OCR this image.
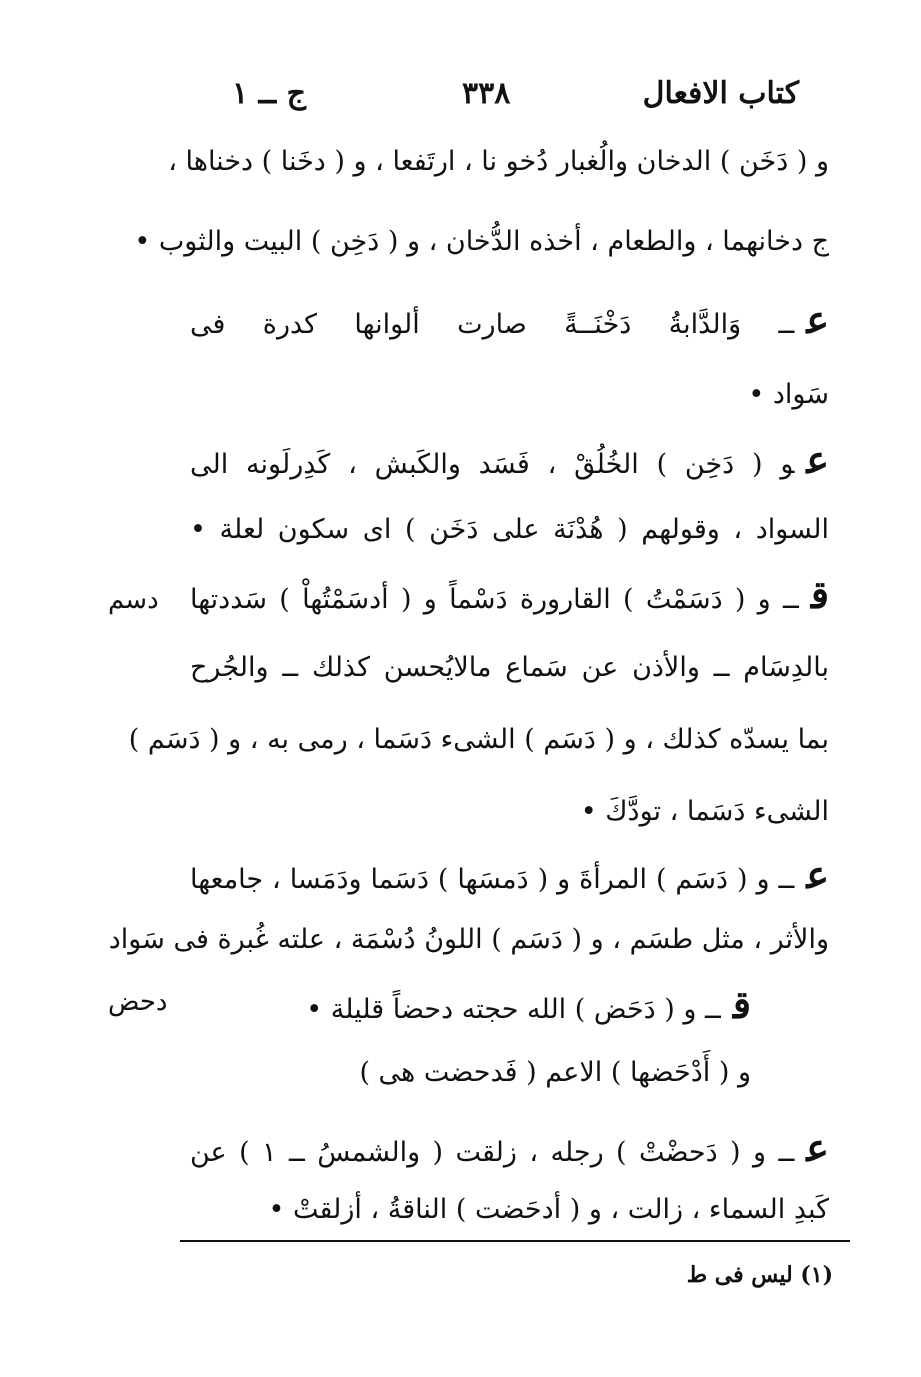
كتاب الافعال
٣٣٨
ج ــ ١
و ( دَخَن ) الدخان والُغبار دُخو نا ، ارتَفعا ، و ( دخَنا ) دخناها ،
ج دخانهما ، والطعام ، أخذه الدُّخان ، و ( دَخِن ) البيت والثوب •
عــ وَالدَّابةُ دَخْنَــةً صارت ألوانها كدرة فى
سَواد •
عو ( دَخِن ) الخُلُقْ ، فَسَد والكَبش ، كَدِرلَونه الى
السواد ، وقولهم ( هُدْنَة على دَخَن ) اى سكون لعلة •
قــ و ( دَسَمْتُ ) القارورة دَسْماً و ( أدسَمْتُهاْ ) سَددتها
بالدِسَام ــ والأذن عن سَماع مالايُحسن كذلك ــ والجُرح
بما يسدّه كذلك ، و ( دَسَم ) الشىء دَسَما ، رمى به ، و ( دَسَم )
الشىء دَسَما ، تودَّكَ •
عــ و ( دَسَم ) المرأةَ و ( دَمسَها ) دَسَما ودَمَسا ، جامعها
والأثر ، مثل طسَم ، و ( دَسَم ) اللونُ دُسْمَة ، علته غُبرة فى سَواد
قــ و ( دَحَض ) الله حجته دحضاً قليلة •
و ( أَدْحَضها ) الاعم ( فَدحضت هى )
عــ و ( دَحضْتْ ) رجله ، زلقت ( والشمسُ ــ ١ ) عن
كَبدِ السماء ، زالت ، و ( أدحَضت ) الناقةُ ، أزلقتْ •
دسم
دحض
(١) ليس فى ط
